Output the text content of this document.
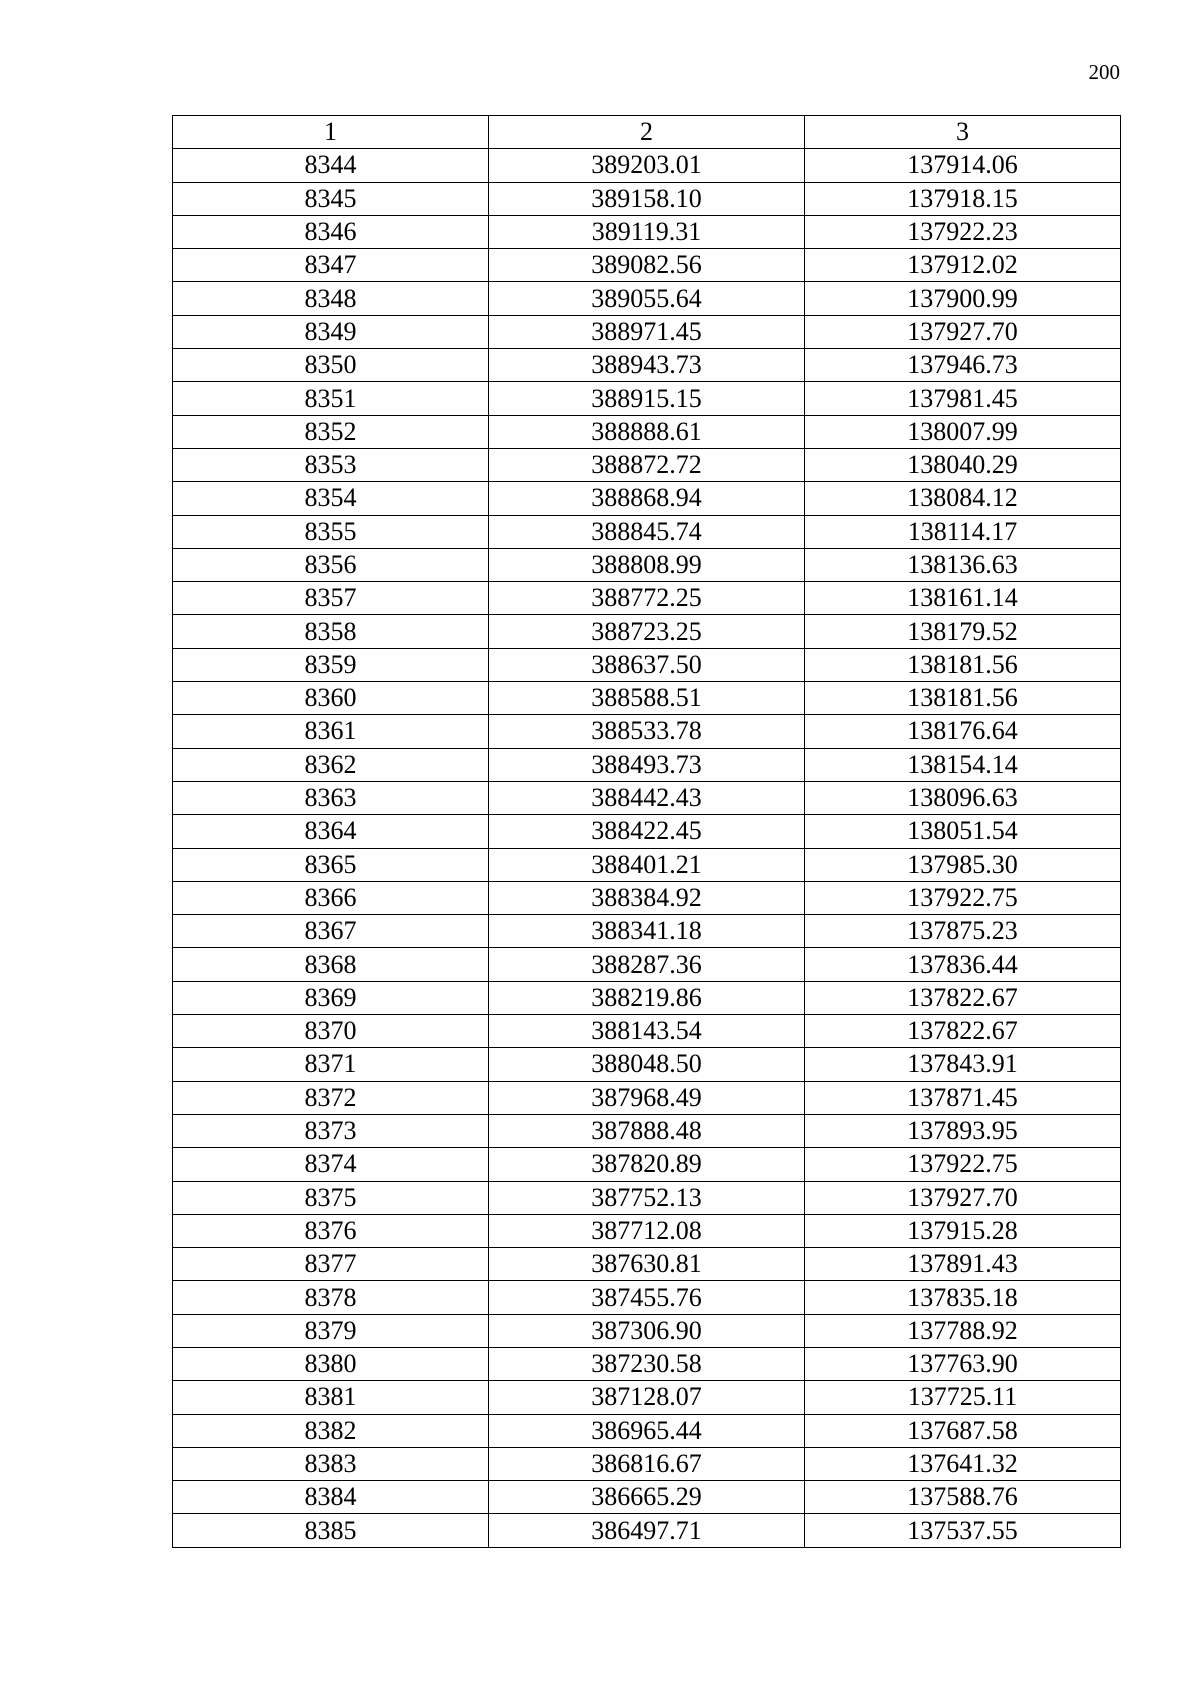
200
1	2	3
8344	389203.01	137914.06
8345	389158.10	137918.15
8346	389119.31	137922.23
8347	389082.56	137912.02
8348	389055.64	137900.99
8349	388971.45	137927.70
8350	388943.73	137946.73
8351	388915.15	137981.45
8352	388888.61	138007.99
8353	388872.72	138040.29
8354	388868.94	138084.12
8355	388845.74	138114.17
8356	388808.99	138136.63
8357	388772.25	138161.14
8358	388723.25	138179.52
8359	388637.50	138181.56
8360	388588.51	138181.56
8361	388533.78	138176.64
8362	388493.73	138154.14
8363	388442.43	138096.63
8364	388422.45	138051.54
8365	388401.21	137985.30
8366	388384.92	137922.75
8367	388341.18	137875.23
8368	388287.36	137836.44
8369	388219.86	137822.67
8370	388143.54	137822.67
8371	388048.50	137843.91
8372	387968.49	137871.45
8373	387888.48	137893.95
8374	387820.89	137922.75
8375	387752.13	137927.70
8376	387712.08	137915.28
8377	387630.81	137891.43
8378	387455.76	137835.18
8379	387306.90	137788.92
8380	387230.58	137763.90
8381	387128.07	137725.11
8382	386965.44	137687.58
8383	386816.67	137641.32
8384	386665.29	137588.76
8385	386497.71	137537.55
